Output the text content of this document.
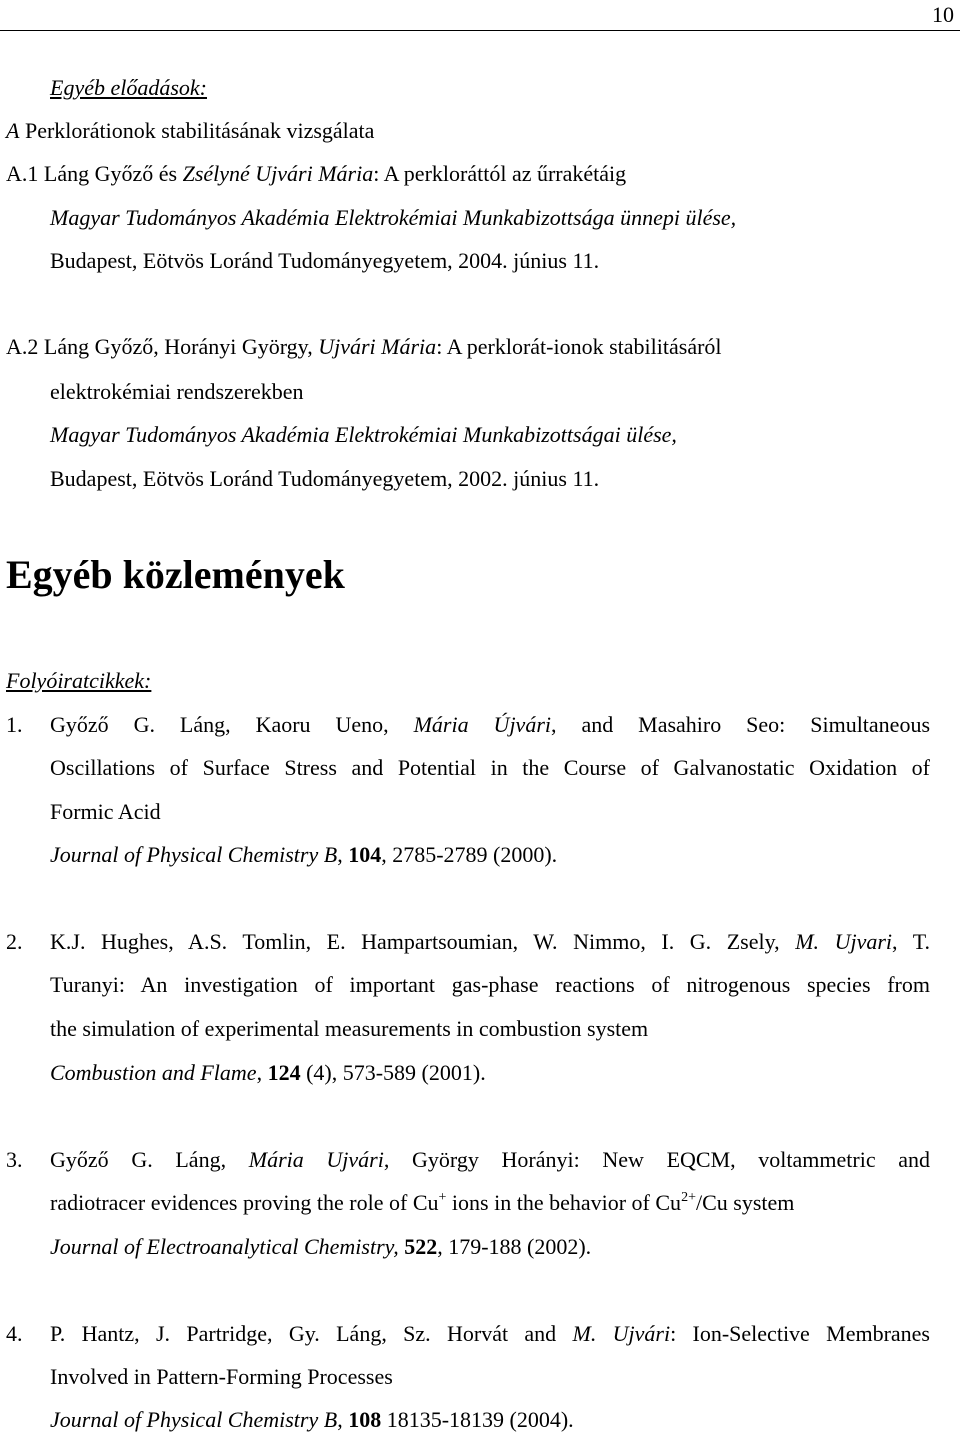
10
Egyéb előadások:
A Perklorátionok stabilitásának vizsgálata
A.1 Láng Győző és Zsélyné Ujvári Mária: A perkloráttól az űrrakétáig
Magyar Tudományos Akadémia Elektrokémiai Munkabizottsága ünnepi ülése,
Budapest, Eötvös Loránd Tudományegyetem, 2004. június 11.
A.2 Láng Győző, Horányi György, Ujvári Mária: A perklorát-ionok stabilitásáról
elektrokémiai rendszerekben
Magyar Tudományos Akadémia Elektrokémiai Munkabizottságai ülése,
Budapest, Eötvös Loránd Tudományegyetem, 2002. június 11.
Egyéb közlemények
Folyóiratcikkek:
1. Győző G. Láng, Kaoru Ueno, Mária Újvári, and Masahiro Seo: Simultaneous
Oscillations of Surface Stress and Potential in the Course of Galvanostatic Oxidation of
Formic Acid
Journal of Physical Chemistry B, 104, 2785-2789 (2000).
2. K.J. Hughes, A.S. Tomlin, E. Hampartsoumian, W. Nimmo, I. G. Zsely, M. Ujvari, T.
Turanyi: An investigation of important gas-phase reactions of nitrogenous species from
the simulation of experimental measurements in combustion system
Combustion and Flame, 124 (4), 573-589 (2001).
3. Győző G. Láng, Mária Ujvári, György Horányi: New EQCM, voltammetric and
radiotracer evidences proving the role of Cu+ ions in the behavior of $Cu^{2+}/Cu$ system
Journal of Electroanalytical Chemistry, 522, 179-188 (2002).
4. P. Hantz, J. Partridge, Gy. Láng, Sz. Horvát and M. Ujvári: Ion-Selective Membranes
Involved in Pattern-Forming Processes
Journal of Physical Chemistry B, 108 18135-18139 (2004).
